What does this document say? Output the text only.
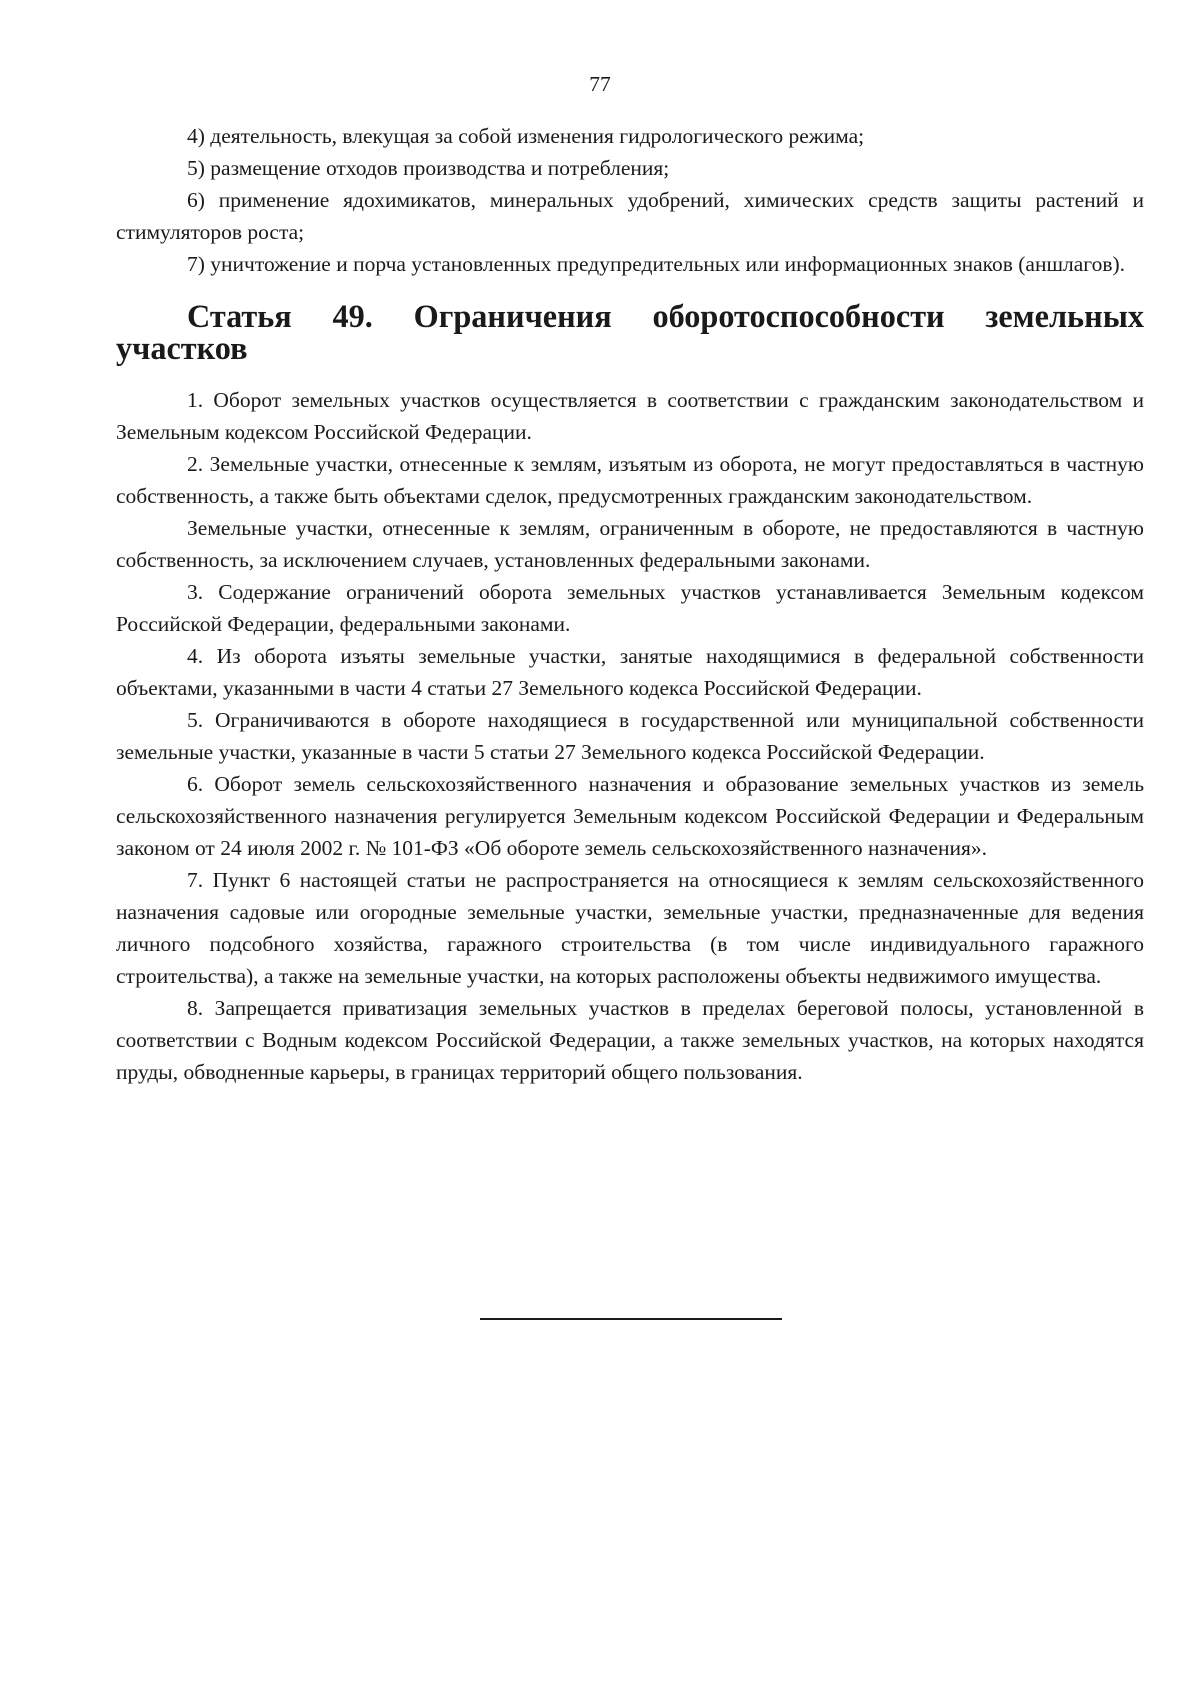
77

4) деятельность, влекущая за собой изменения гидрологического режима;

5) размещение отходов производства и потребления;

6) применение ядохимикатов, минеральных удобрений, химических средств защиты растений и стимуляторов роста;

7) уничтожение и порча установленных предупредительных или информационных знаков (аншлагов).

Статья 49. Ограничения оборотоспособности земельных участков

1. Оборот земельных участков осуществляется в соответствии с гражданским законодательством и Земельным кодексом Российской Федерации.

2. Земельные участки, отнесенные к землям, изъятым из оборота, не могут предоставляться в частную собственность, а также быть объектами сделок, предусмотренных гражданским законодательством.

Земельные участки, отнесенные к землям, ограниченным в обороте, не предоставляются в частную собственность, за исключением случаев, установленных федеральными законами.

3. Содержание ограничений оборота земельных участков устанавливается Земельным кодексом Российской Федерации, федеральными законами.

4. Из оборота изъяты земельные участки, занятые находящимися в федеральной собственности объектами, указанными в части 4 статьи 27 Земельного кодекса Российской Федерации.

5. Ограничиваются в обороте находящиеся в государственной или муниципальной собственности земельные участки, указанные в части 5 статьи 27 Земельного кодекса Российской Федерации.

6. Оборот земель сельскохозяйственного назначения и образование земельных участков из земель сельскохозяйственного назначения регулируется Земельным кодексом Российской Федерации и Федеральным законом от 24 июля 2002 г. № 101-ФЗ «Об обороте земель сельскохозяйственного назначения».

7. Пункт 6 настоящей статьи не распространяется на относящиеся к землям сельскохозяйственного назначения садовые или огородные земельные участки, земельные участки, предназначенные для ведения личного подсобного хозяйства, гаражного строительства (в том числе индивидуального гаражного строительства), а также на земельные участки, на которых расположены объекты недвижимого имущества.

8. Запрещается приватизация земельных участков в пределах береговой полосы, установленной в соответствии с Водным кодексом Российской Федерации, а также земельных участков, на которых находятся пруды, обводненные карьеры, в границах территорий общего пользования.
